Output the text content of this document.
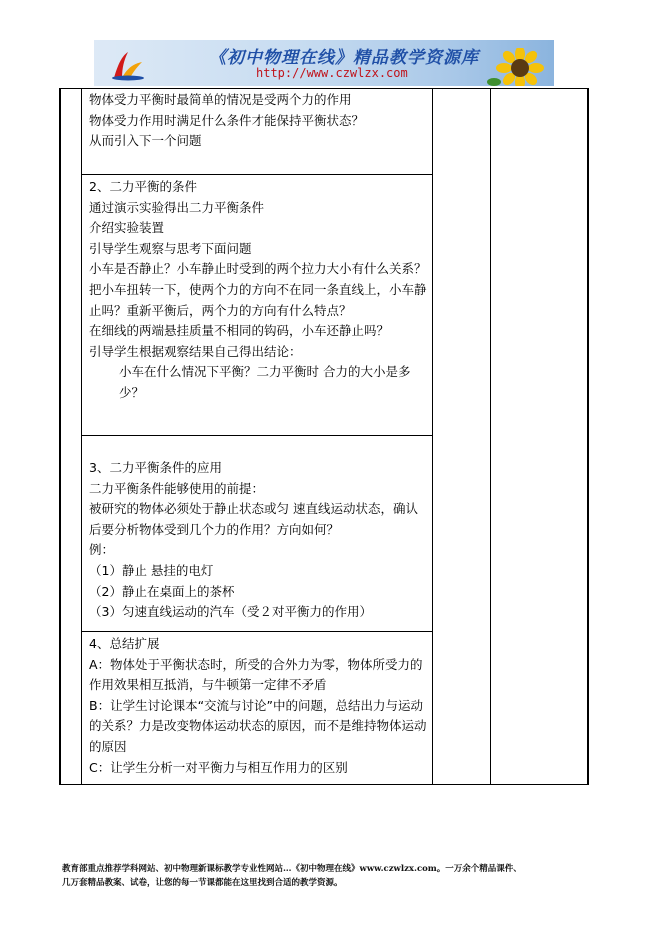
《初中物理在线》精品教学资源库
http://www.czwlzx.com
物体受力平衡时最简单的情况是受两个力的作用
物体受力作用时满足什么条件才能保持平衡状态？
从而引入下一个问题
2、二力平衡的条件
通过演示实验得出二力平衡条件
介绍实验装置
引导学生观察与思考下面问题
小车是否静止？小车静止时受到的两个拉力大小有什么关系？
把小车扭转一下，使两个力的方向不在同一条直线上，小车静止吗？重新平衡后，两个力的方向有什么特点？
在细线的两端悬挂质量不相同的钩码，小车还静止吗？
引导学生根据观察结果自己得出结论：
小车在什么情况下平衡？二力平衡时 合力的大小是多少？
3、二力平衡条件的应用
二力平衡条件能够使用的前提：
被研究的物体必须处于静止状态或匀 速直线运动状态，确认后要分析物体受到几个力的作用？方向如何？
例：
（1）静止 悬挂的电灯
（2）静止在桌面上的茶杯
（3）匀速直线运动的汽车（受２对平衡力的作用）
4、总结扩展
A：物体处于平衡状态时，所受的合外力为零，物体所受力的作用效果相互抵消，与牛顿第一定律不矛盾
B：让学生讨论课本“交流与讨论”中的问题，总结出力与运动的关系？力是改变物体运动状态的原因，而不是维持物体运动的原因
C：让学生分析一对平衡力与相互作用力的区别
教育部重点推荐学科网站、初中物理新课标教学专业性网站…《初中物理在线》www.czwlzx.com。一万余个精品课件、
几万套精品教案、试卷，让您的每一节课都能在这里找到合适的教学资源。
